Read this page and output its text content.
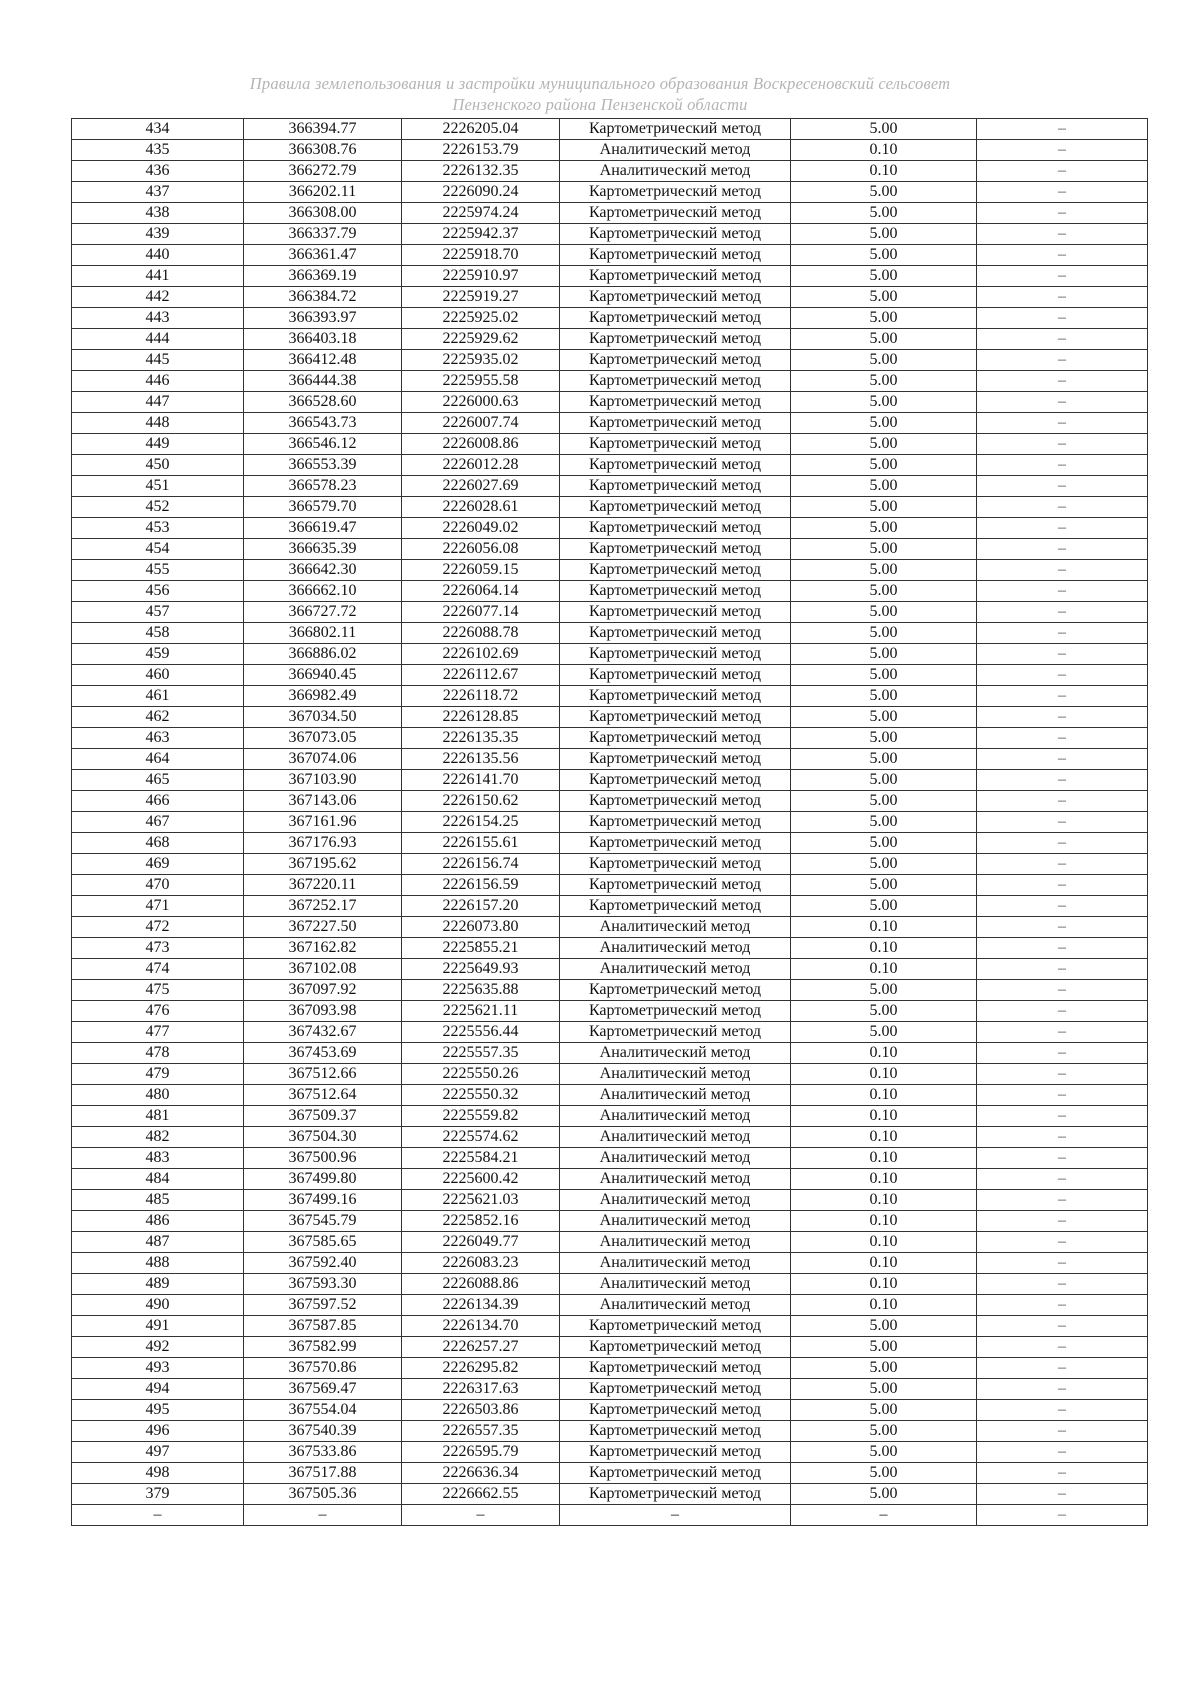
Правила землепользования и застройки муниципального образования Воскресеновский сельсовет
Пензенского района Пензенской области
434	366394.77	2226205.04	Картометрический метод	5.00	–
435	366308.76	2226153.79	Аналитический метод	0.10	–
436	366272.79	2226132.35	Аналитический метод	0.10	–
437	366202.11	2226090.24	Картометрический метод	5.00	–
438	366308.00	2225974.24	Картометрический метод	5.00	–
439	366337.79	2225942.37	Картометрический метод	5.00	–
440	366361.47	2225918.70	Картометрический метод	5.00	–
441	366369.19	2225910.97	Картометрический метод	5.00	–
442	366384.72	2225919.27	Картометрический метод	5.00	–
443	366393.97	2225925.02	Картометрический метод	5.00	–
444	366403.18	2225929.62	Картометрический метод	5.00	–
445	366412.48	2225935.02	Картометрический метод	5.00	–
446	366444.38	2225955.58	Картометрический метод	5.00	–
447	366528.60	2226000.63	Картометрический метод	5.00	–
448	366543.73	2226007.74	Картометрический метод	5.00	–
449	366546.12	2226008.86	Картометрический метод	5.00	–
450	366553.39	2226012.28	Картометрический метод	5.00	–
451	366578.23	2226027.69	Картометрический метод	5.00	–
452	366579.70	2226028.61	Картометрический метод	5.00	–
453	366619.47	2226049.02	Картометрический метод	5.00	–
454	366635.39	2226056.08	Картометрический метод	5.00	–
455	366642.30	2226059.15	Картометрический метод	5.00	–
456	366662.10	2226064.14	Картометрический метод	5.00	–
457	366727.72	2226077.14	Картометрический метод	5.00	–
458	366802.11	2226088.78	Картометрический метод	5.00	–
459	366886.02	2226102.69	Картометрический метод	5.00	–
460	366940.45	2226112.67	Картометрический метод	5.00	–
461	366982.49	2226118.72	Картометрический метод	5.00	–
462	367034.50	2226128.85	Картометрический метод	5.00	–
463	367073.05	2226135.35	Картометрический метод	5.00	–
464	367074.06	2226135.56	Картометрический метод	5.00	–
465	367103.90	2226141.70	Картометрический метод	5.00	–
466	367143.06	2226150.62	Картометрический метод	5.00	–
467	367161.96	2226154.25	Картометрический метод	5.00	–
468	367176.93	2226155.61	Картометрический метод	5.00	–
469	367195.62	2226156.74	Картометрический метод	5.00	–
470	367220.11	2226156.59	Картометрический метод	5.00	–
471	367252.17	2226157.20	Картометрический метод	5.00	–
472	367227.50	2226073.80	Аналитический метод	0.10	–
473	367162.82	2225855.21	Аналитический метод	0.10	–
474	367102.08	2225649.93	Аналитический метод	0.10	–
475	367097.92	2225635.88	Картометрический метод	5.00	–
476	367093.98	2225621.11	Картометрический метод	5.00	–
477	367432.67	2225556.44	Картометрический метод	5.00	–
478	367453.69	2225557.35	Аналитический метод	0.10	–
479	367512.66	2225550.26	Аналитический метод	0.10	–
480	367512.64	2225550.32	Аналитический метод	0.10	–
481	367509.37	2225559.82	Аналитический метод	0.10	–
482	367504.30	2225574.62	Аналитический метод	0.10	–
483	367500.96	2225584.21	Аналитический метод	0.10	–
484	367499.80	2225600.42	Аналитический метод	0.10	–
485	367499.16	2225621.03	Аналитический метод	0.10	–
486	367545.79	2225852.16	Аналитический метод	0.10	–
487	367585.65	2226049.77	Аналитический метод	0.10	–
488	367592.40	2226083.23	Аналитический метод	0.10	–
489	367593.30	2226088.86	Аналитический метод	0.10	–
490	367597.52	2226134.39	Аналитический метод	0.10	–
491	367587.85	2226134.70	Картометрический метод	5.00	–
492	367582.99	2226257.27	Картометрический метод	5.00	–
493	367570.86	2226295.82	Картометрический метод	5.00	–
494	367569.47	2226317.63	Картометрический метод	5.00	–
495	367554.04	2226503.86	Картометрический метод	5.00	–
496	367540.39	2226557.35	Картометрический метод	5.00	–
497	367533.86	2226595.79	Картометрический метод	5.00	–
498	367517.88	2226636.34	Картометрический метод	5.00	–
379	367505.36	2226662.55	Картометрический метод	5.00	–
–	–	–	–	–	–
